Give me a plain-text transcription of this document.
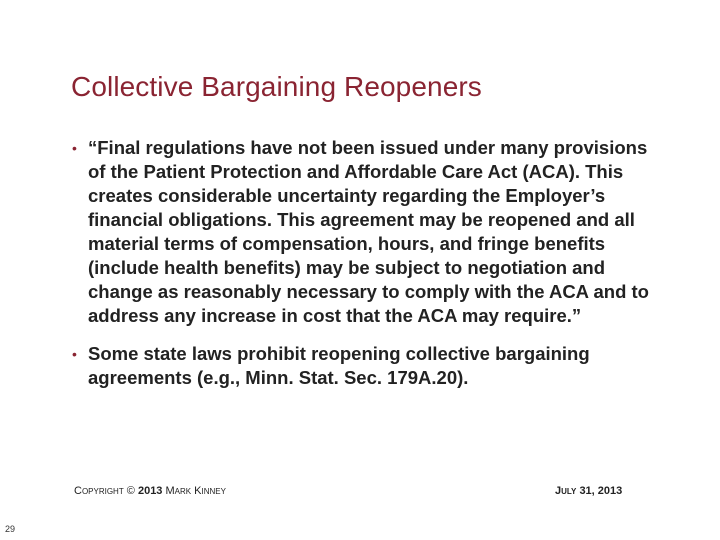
Collective Bargaining Reopeners
• “Final regulations have not been issued under many provisions of the Patient Protection and Affordable Care Act (ACA). This creates considerable uncertainty regarding the Employer’s financial obligations. This agreement may be reopened and all material terms of compensation, hours, and fringe benefits (include health benefits) may be subject to negotiation and change as reasonably necessary to comply with the ACA and to address any increase in cost that the ACA may require.”
• Some state laws prohibit reopening collective bargaining agreements (e.g., Minn. Stat. Sec. 179A.20).
Copyright © 2013 Mark Kinney	July 31, 2013
29
